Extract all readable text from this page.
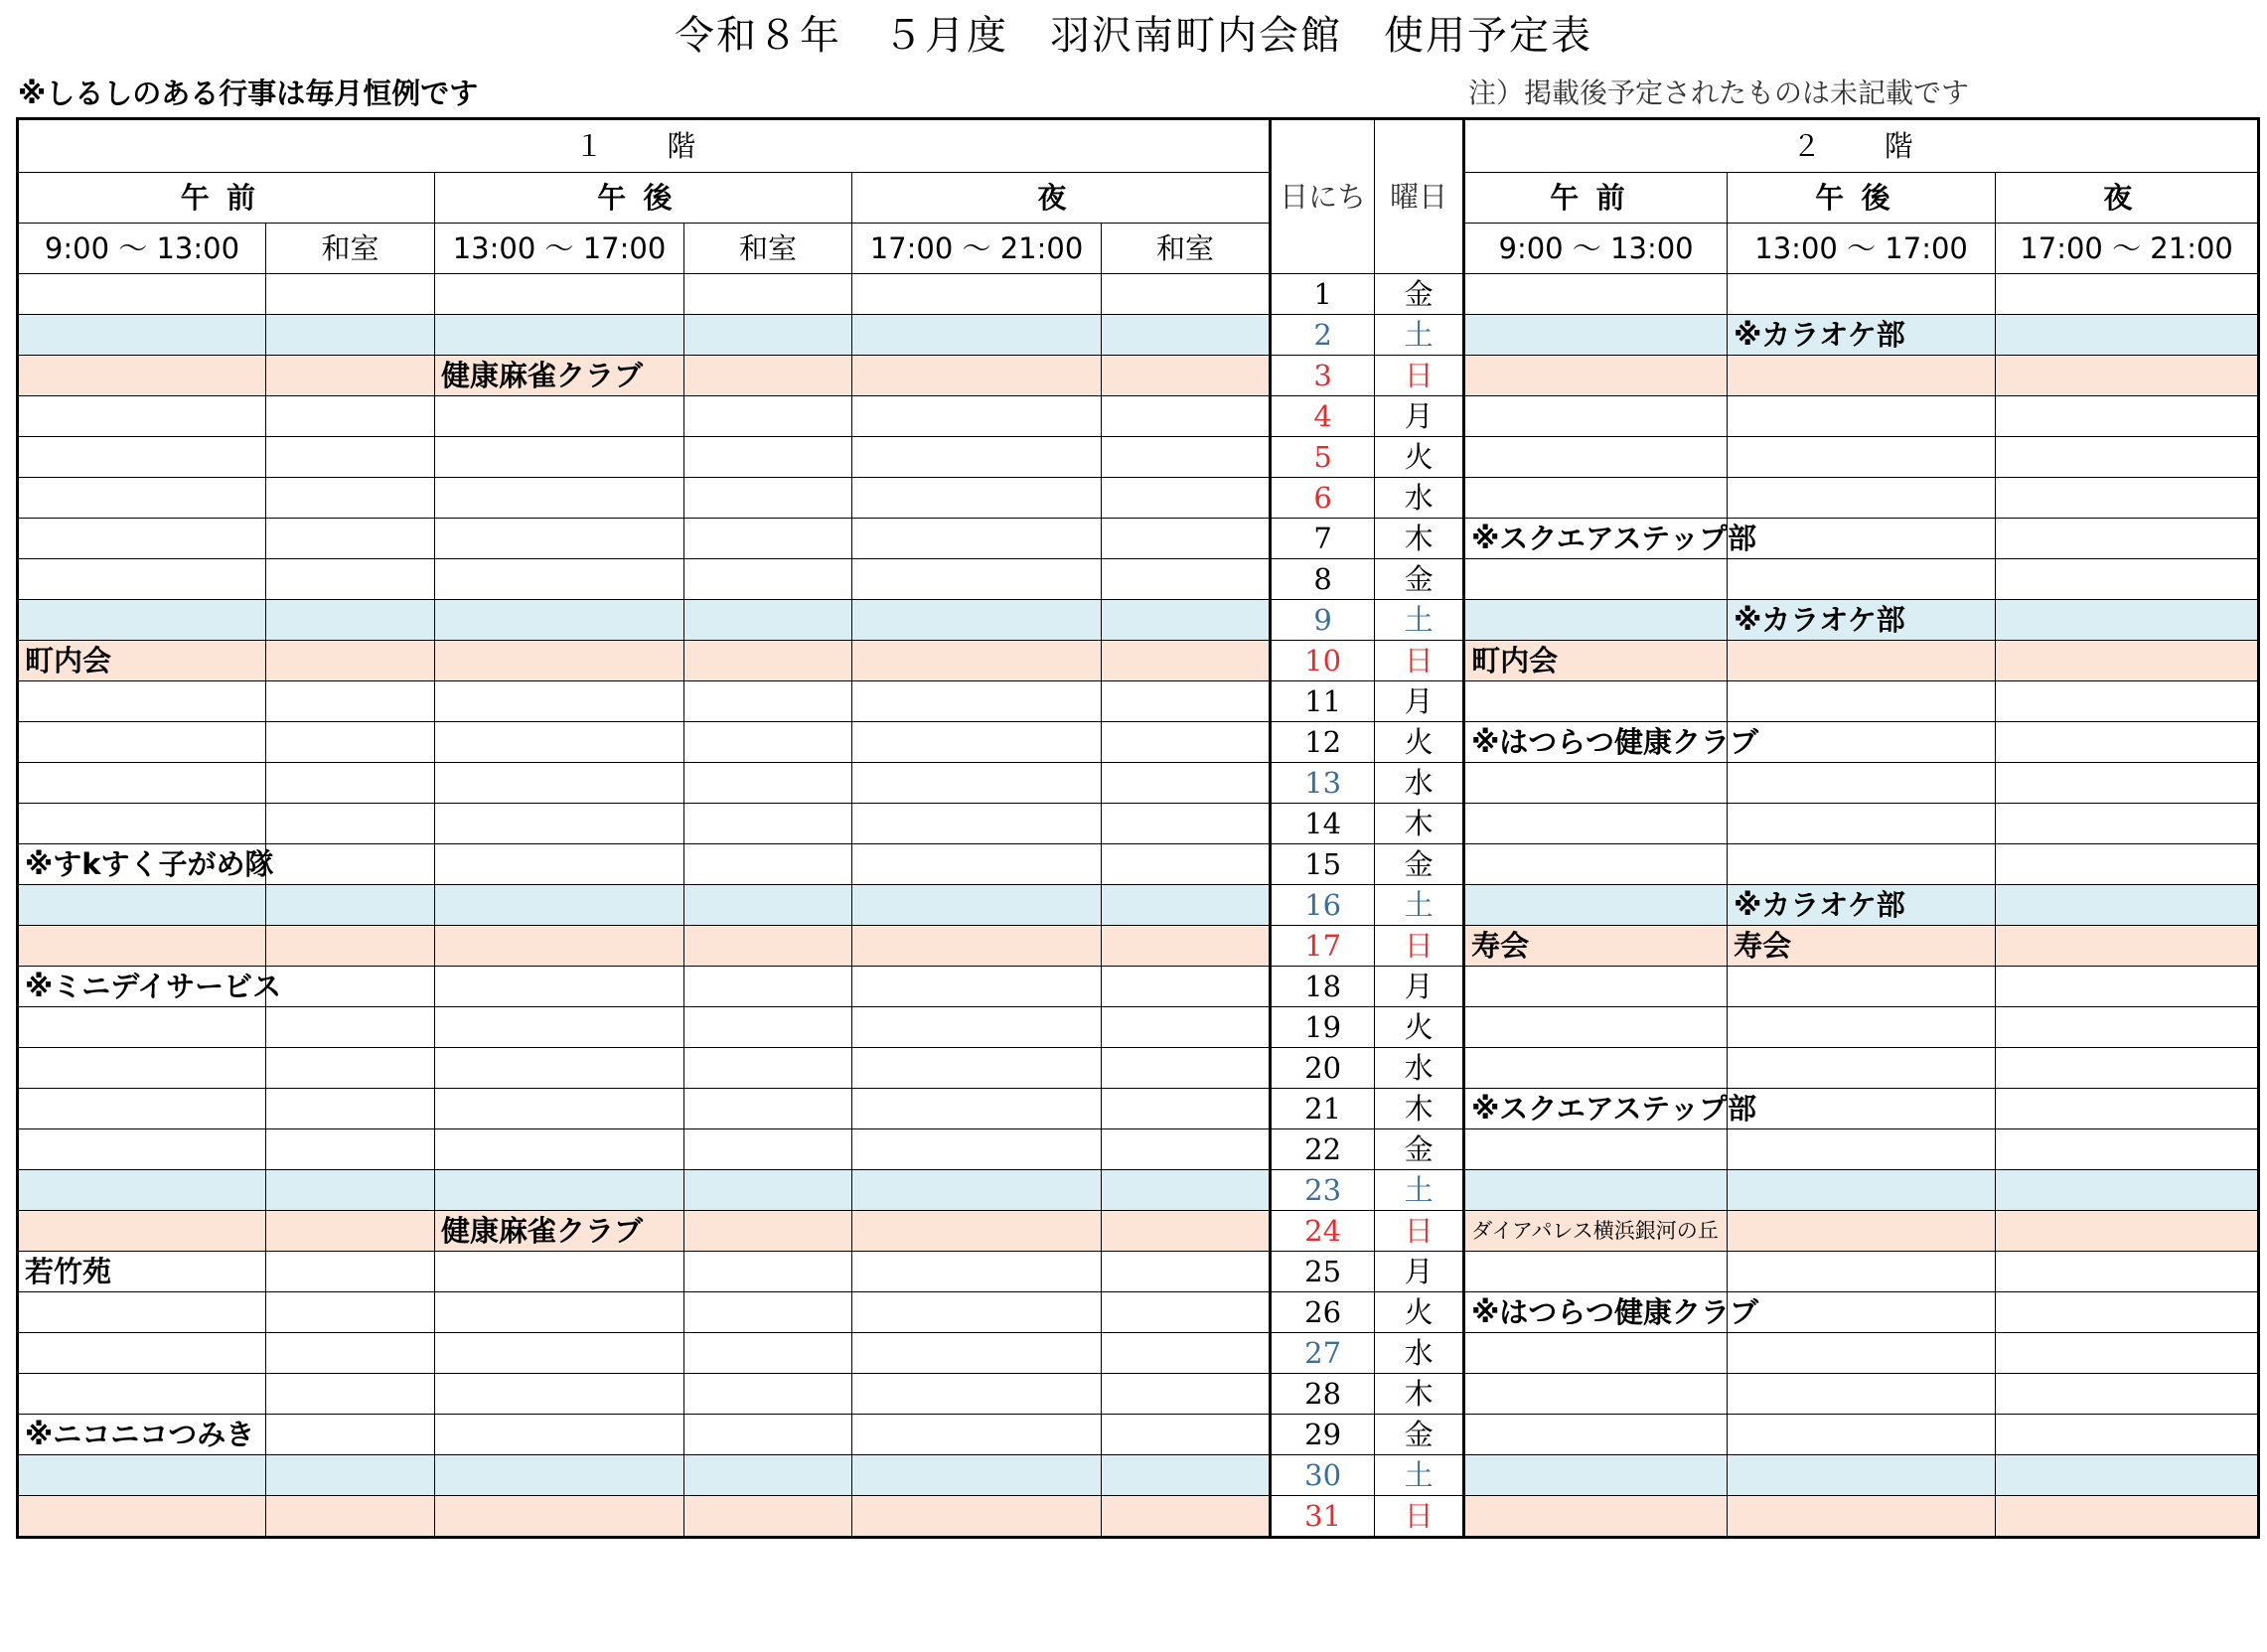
令和８年　５月度　羽沢南町内会館　使用予定表
※しるしのある行事は毎月恒例です	注）掲載後予定されたものは未記載です
１　階						日にち	曜日	２　階		
午前		午後		夜				午前	午後	夜
9:00 〜 13:00	和室	13:00 〜 17:00	和室	17:00 〜 21:00	和室			9:00 〜 13:00	13:00 〜 17:00	17:00 〜 21:00
						1	金			
						2	土		※カラオケ部	
		健康麻雀クラブ				3	日			
						4	月			
						5	火			
						6	水			
						7	木	※スクエアステップ部		
						8	金			
						9	土		※カラオケ部	
町内会						10	日	町内会		
						11	月			
						12	火	※はつらつ健康クラブ		
						13	水			
						14	木			
※すkすく子がめ隊						15	金			
						16	土		※カラオケ部	
						17	日	寿会	寿会	
※ミニデイサービス						18	月			
						19	火			
						20	水			
						21	木	※スクエアステップ部		
						22	金			
						23	土			
		健康麻雀クラブ				24	日	ダイアパレス横浜銀河の丘		
若竹苑						25	月			
						26	火	※はつらつ健康クラブ		
						27	水			
						28	木			
※ニコニコつみき						29	金			
						30	土			
						31	日			
